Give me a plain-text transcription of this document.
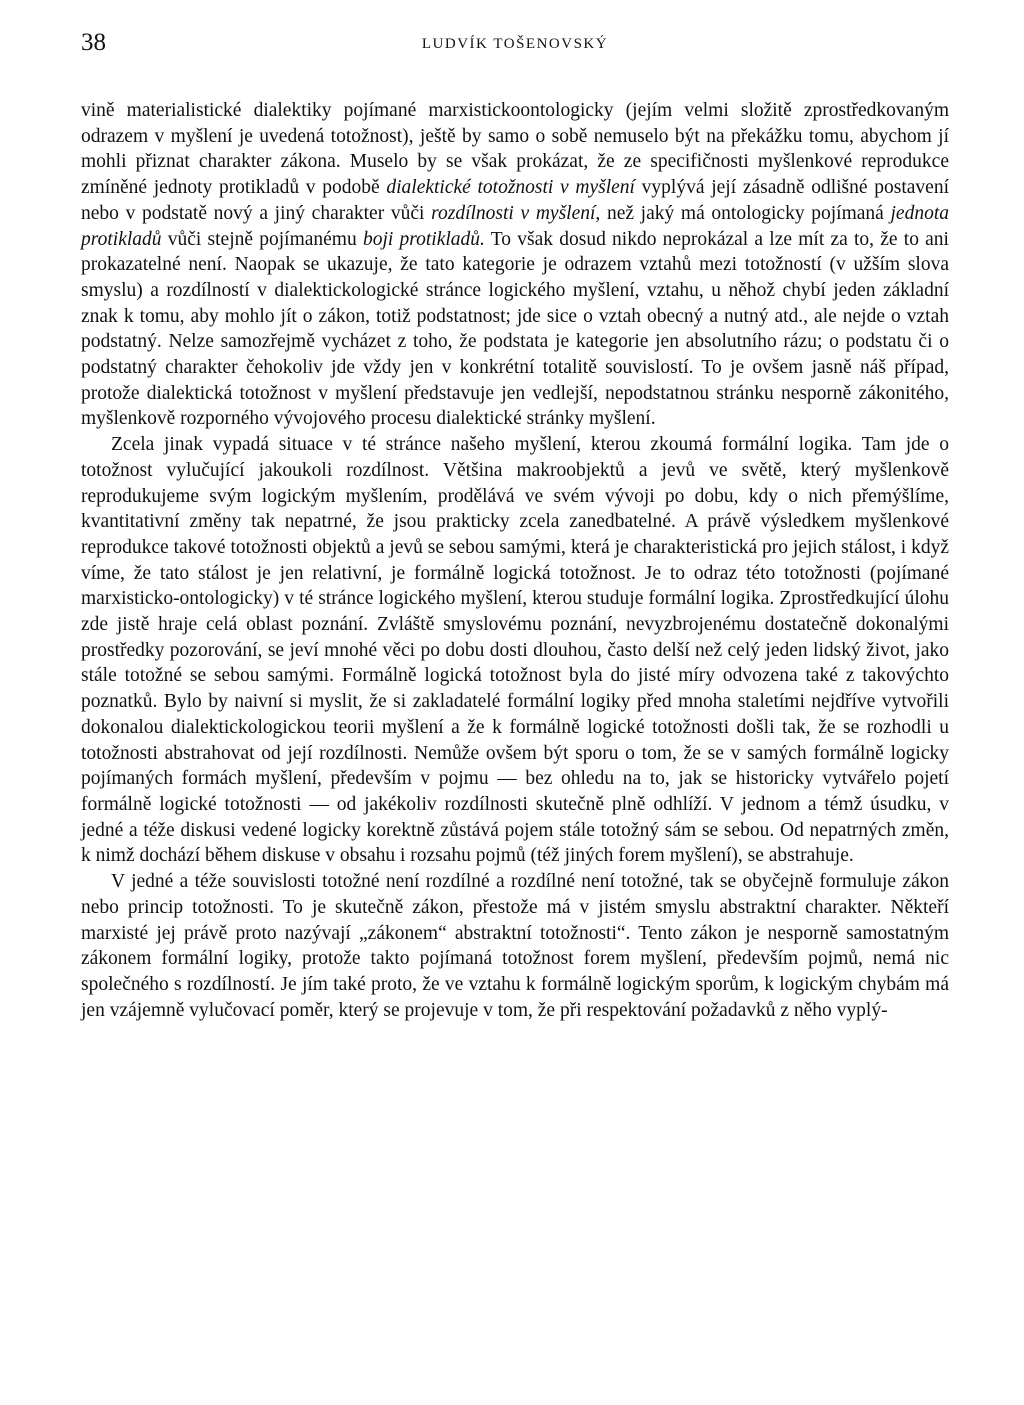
38	LUDVÍK TOŠENOVSKÝ

vině materialistické dialektiky pojímané marxistickoontologicky (jejím velmi složitě zprostředkovaným odrazem v myšlení je uvedená totožnost), ještě by samo o sobě nemuselo být na překážku tomu, abychom jí mohli přiznat charakter zákona. Muselo by se však prokázat, že ze specifičnosti myšlenkové reprodukce zmíněné jednoty protikladů v podobě dialektické totožnosti v myšlení vyplývá její zásadně odlišné postavení nebo v podstatě nový a jiný charakter vůči rozdílnosti v myšlení, než jaký má ontologicky pojímaná jednota protikladů vůči stejně pojímanému boji protikladů. To však dosud nikdo neprokázal a lze mít za to, že to ani prokazatelné není. Naopak se ukazuje, že tato kategorie je odrazem vztahů mezi totožností (v užším slova smyslu) a rozdílností v dialektickologické stránce logického myšlení, vztahu, u něhož chybí jeden základní znak k tomu, aby mohlo jít o zákon, totiž podstatnost; jde sice o vztah obecný a nutný atd., ale nejde o vztah podstatný. Nelze samozřejmě vycházet z toho, že podstata je kategorie jen absolutního rázu; o podstatu či o podstatný charakter čehokoliv jde vždy jen v konkrétní totalitě souvislostí. To je ovšem jasně náš případ, protože dialektická totožnost v myšlení představuje jen vedlejší, nepodstatnou stránku nesporně zákonitého, myšlenkově rozporného vývojového procesu dialektické stránky myšlení.

Zcela jinak vypadá situace v té stránce našeho myšlení, kterou zkoumá formální logika. Tam jde o totožnost vylučující jakoukoli rozdílnost. Většina makroobjektů a jevů ve světě, který myšlenkově reprodukujeme svým logickým myšlením, prodělává ve svém vývoji po dobu, kdy o nich přemýšlíme, kvantitativní změny tak nepatrné, že jsou prakticky zcela zanedbatelné. A právě výsledkem myšlenkové reprodukce takové totožnosti objektů a jevů se sebou samými, která je charakteristická pro jejich stálost, i když víme, že tato stálost je jen relativní, je formálně logická totožnost. Je to odraz této totožnosti (pojímané marxisticko-ontologicky) v té stránce logického myšlení, kterou studuje formální logika. Zprostředkující úlohu zde jistě hraje celá oblast poznání. Zvláště smyslovému poznání, nevyzbrojenému dostatečně dokonalými prostředky pozorování, se jeví mnohé věci po dobu dosti dlouhou, často delší než celý jeden lidský život, jako stále totožné se sebou samými. Formálně logická totožnost byla do jisté míry odvozena také z takovýchto poznatků. Bylo by naivní si myslit, že si zakladatelé formální logiky před mnoha staletími nejdříve vytvořili dokonalou dialektickologickou teorii myšlení a že k formálně logické totožnosti došli tak, že se rozhodli u totožnosti abstrahovat od její rozdílnosti. Nemůže ovšem být sporu o tom, že se v samých formálně logicky pojímaných formách myšlení, především v pojmu — bez ohledu na to, jak se historicky vytvářelo pojetí formálně logické totožnosti — od jakékoliv rozdílnosti skutečně plně odhlíží. V jednom a témž úsudku, v jedné a téže diskusi vedené logicky korektně zůstává pojem stále totožný sám se sebou. Od nepatrných změn, k nimž dochází během diskuse v obsahu i rozsahu pojmů (též jiných forem myšlení), se abstrahuje.

V jedné a téže souvislosti totožné není rozdílné a rozdílné není totožné, tak se obyčejně formuluje zákon nebo princip totožnosti. To je skutečně zákon, přestože má v jistém smyslu abstraktní charakter. Někteří marxisté jej právě proto nazývají „zákonem“ abstraktní totožnosti“. Tento zákon je nesporně samostatným zákonem formální logiky, protože takto pojímaná totožnost forem myšlení, především pojmů, nemá nic společného s rozdílností. Je jím také proto, že ve vztahu k formálně logickým sporům, k logickým chybám má jen vzájemně vylučovací poměr, který se projevuje v tom, že při respektování požadavků z něho vyplý-
